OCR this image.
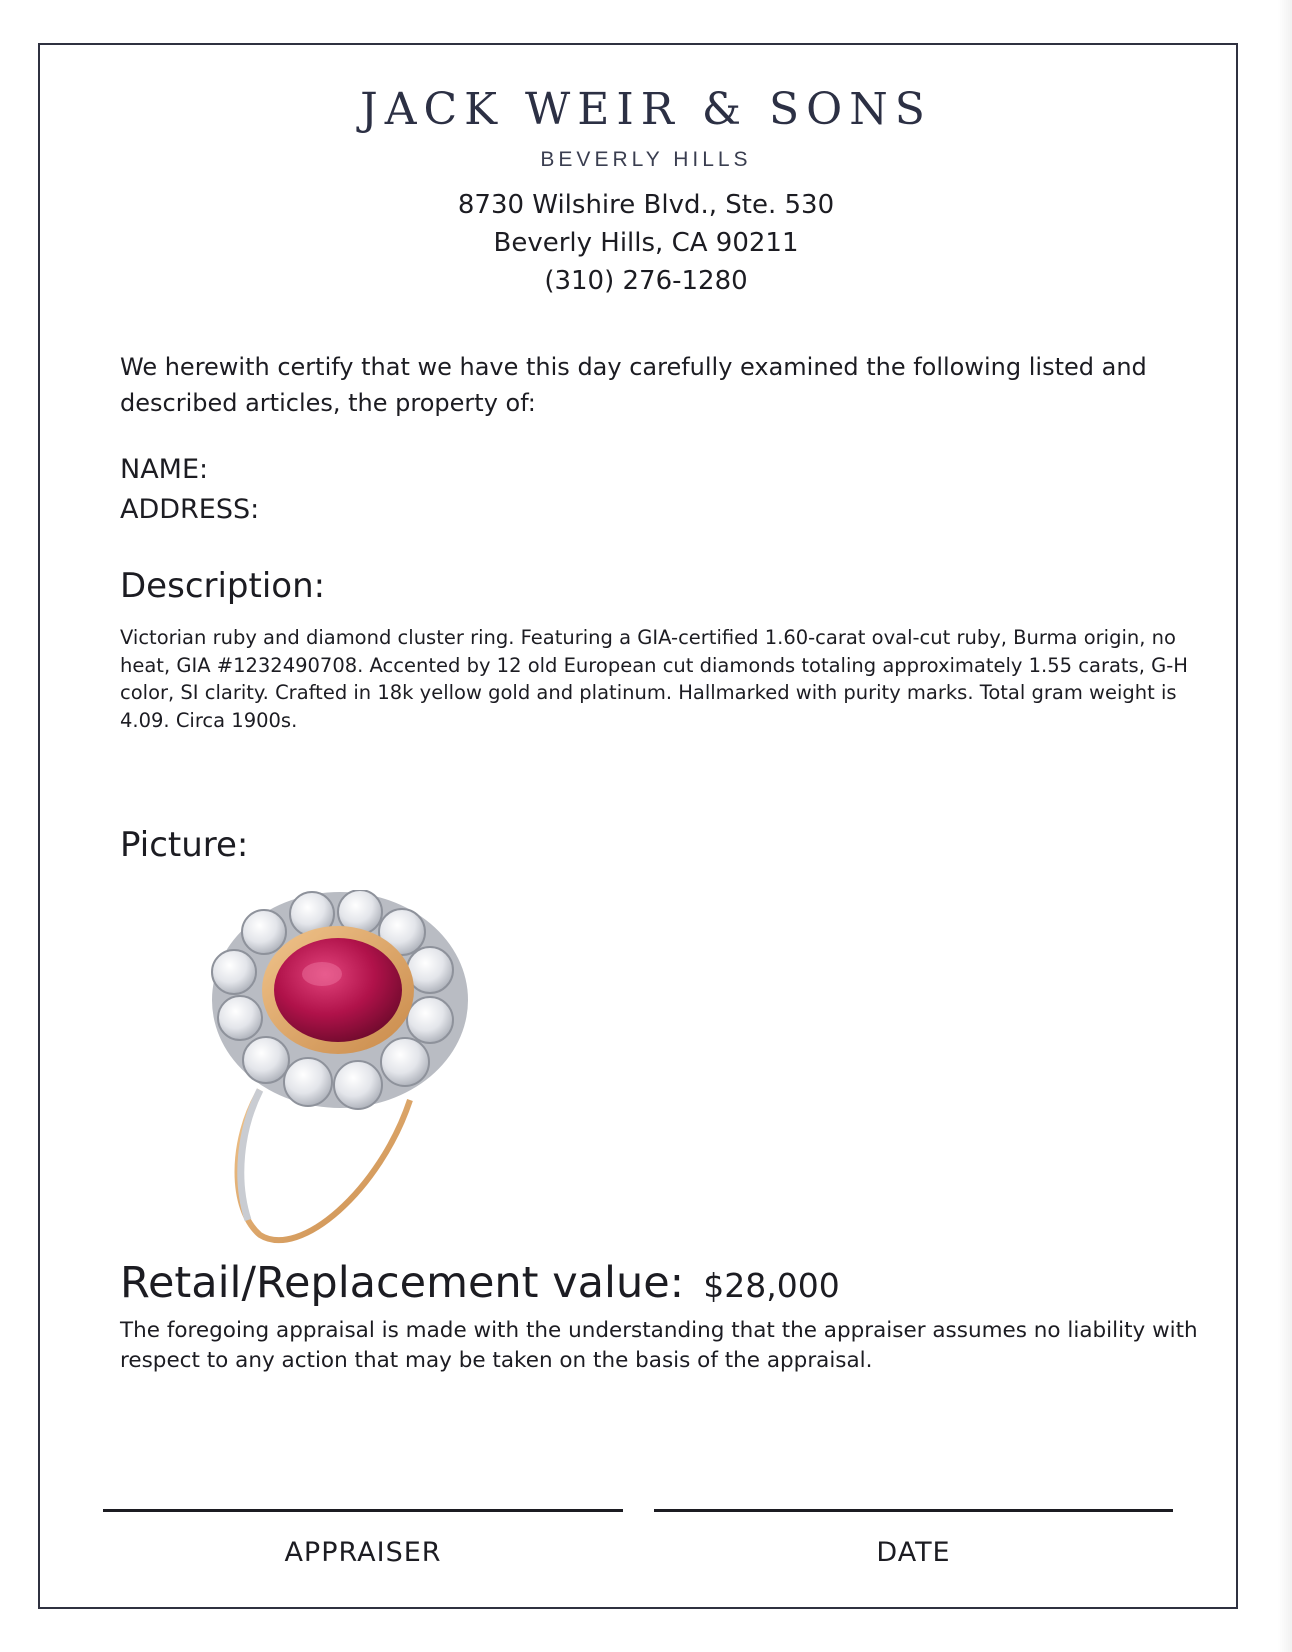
JACK WEIR & SONS
BEVERLY HILLS
8730 Wilshire Blvd., Ste. 530
Beverly Hills, CA 90211
(310) 276-1280
We herewith certify that we have this day carefully examined the following listed and described articles, the property of:
NAME:
ADDRESS:
Description:
Victorian ruby and diamond cluster ring. Featuring a GIA-certified 1.60-carat oval-cut ruby, Burma origin, no heat, GIA #1232490708. Accented by 12 old European cut diamonds totaling approximately 1.55 carats, G-H color, SI clarity. Crafted in 18k yellow gold and platinum. Hallmarked with purity marks. Total gram weight is 4.09. Circa 1900s.
Picture:
Retail/Replacement value: $28,000
The foregoing appraisal is made with the understanding that the appraiser assumes no liability with respect to any action that may be taken on the basis of the appraisal.
APPRAISER	DATE
